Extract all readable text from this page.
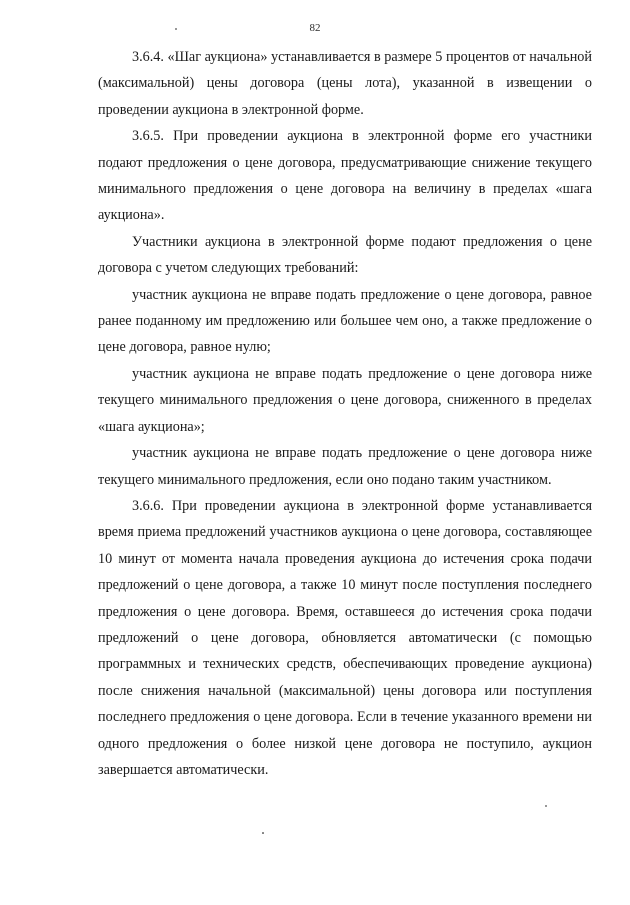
82

3.6.4. «Шаг аукциона» устанавливается в размере 5 процентов от начальной (максимальной) цены договора (цены лота), указанной в извещении о проведении аукциона в электронной форме.

3.6.5. При проведении аукциона в электронной форме его участники подают предложения о цене договора, предусматривающие снижение текущего минимального предложения о цене договора на величину в пределах «шага аукциона».

Участники аукциона в электронной форме подают предложения о цене договора с учетом следующих требований:

участник аукциона не вправе подать предложение о цене договора, равное ранее поданному им предложению или большее чем оно, а также предложение о цене договора, равное нулю;

участник аукциона не вправе подать предложение о цене договора ниже текущего минимального предложения о цене договора, сниженного в пределах «шага аукциона»;

участник аукциона не вправе подать предложение о цене договора ниже текущего минимального предложения, если оно подано таким участником.

3.6.6. При проведении аукциона в электронной форме устанавливается время приема предложений участников аукциона о цене договора, составляющее 10 минут от момента начала проведения аукциона до истечения срока подачи предложений о цене договора, а также 10 минут после поступления последнего предложения о цене договора. Время, оставшееся до истечения срока подачи предложений о цене договора, обновляется автоматически (с помощью программных и технических средств, обеспечивающих проведение аукциона) после снижения начальной (максимальной) цены договора или поступления последнего предложения о цене договора. Если в течение указанного времени ни одного предложения о более низкой цене договора не поступило, аукцион завершается автоматически.
